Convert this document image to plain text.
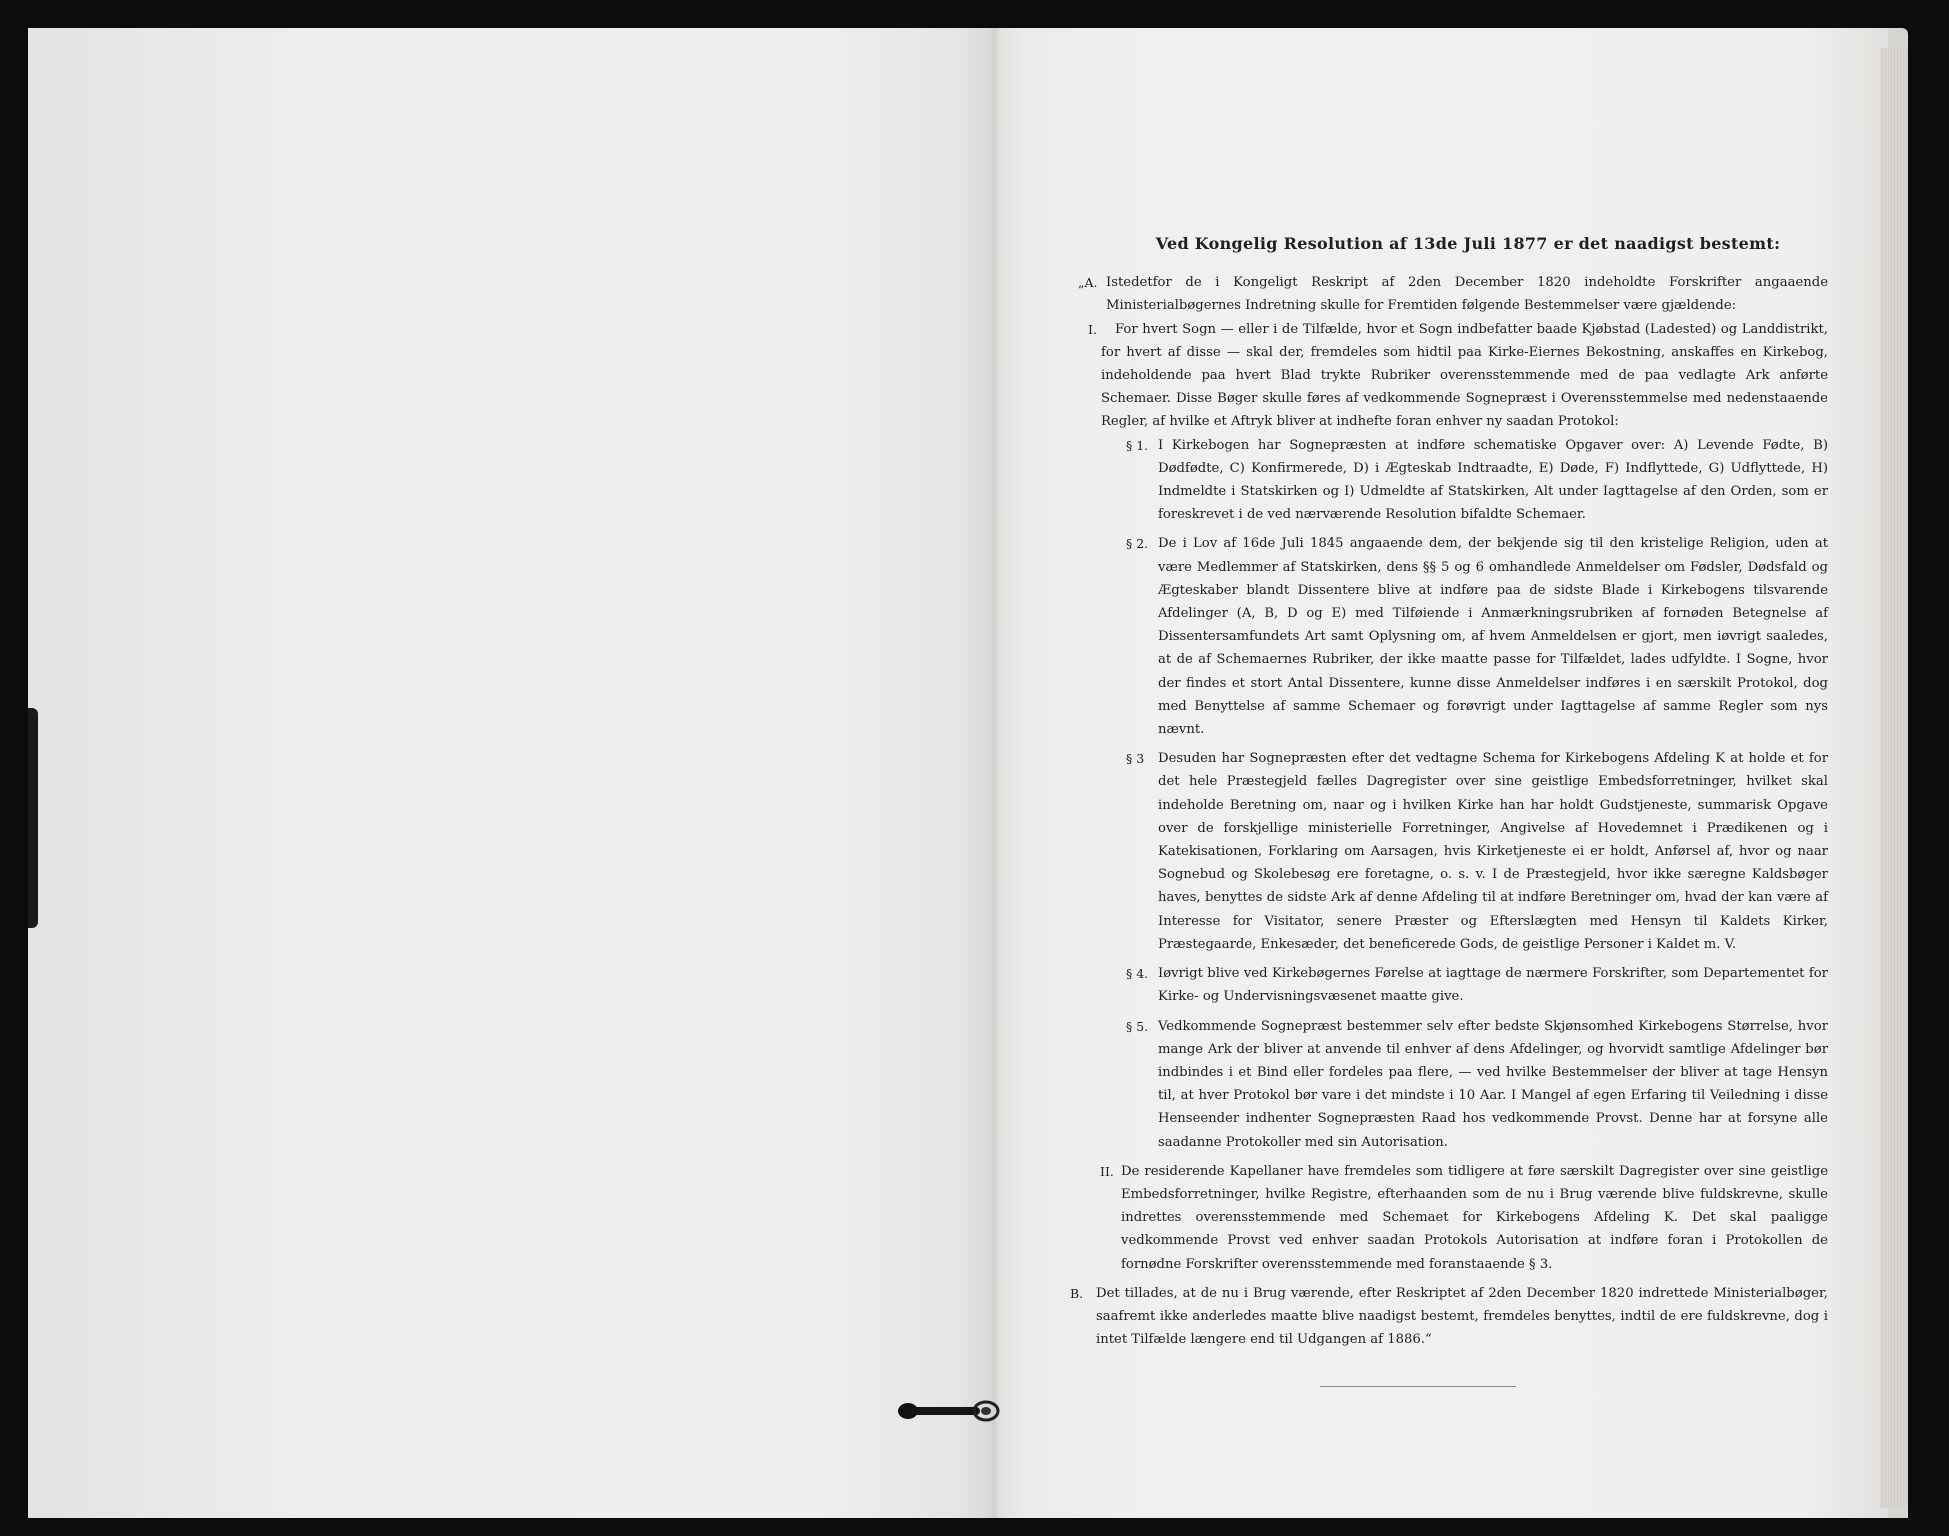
Ved Kongelig Resolution af 13de Juli 1877 er det naadigst bestemt:
„A. Istedetfor de i Kongeligt Reskript af 2den December 1820 indeholdte Forskrifter angaaende Ministerialbøgernes Indretning skulle for Fremtiden følgende Bestemmelser være gjældende:
I.	For hvert Sogn — eller i de Tilfælde, hvor et Sogn indbefatter baade Kjøbstad (Ladested) og Landdistrikt, for hvert af disse — skal der, fremdeles som hidtil paa Kirke-Eiernes Bekostning, anskaffes en Kirkebog, indeholdende paa hvert Blad trykte Rubriker overensstemmende med de paa vedlagte Ark anførte Schemaer. Disse Bøger skulle føres af vedkommende Sognepræst i Overensstemmelse med nedenstaaende Regler, af hvilke et Aftryk bliver at indhefte foran enhver ny saadan Protokol:
§ 1. I Kirkebogen har Sognepræsten at indføre schematiske Opgaver over: A) Levende Fødte, B) Dødfødte, C) Konfirmerede, D) i Ægteskab Indtraadte, E) Døde, F) Indflyttede, G) Udflyttede, H) Indmeldte i Statskirken og I) Udmeldte af Statskirken, Alt under Iagttagelse af den Orden, som er foreskrevet i de ved nærværende Resolution bifaldte Schemaer.
§ 2. De i Lov af 16de Juli 1845 angaaende dem, der bekjende sig til den kristelige Religion, uden at være Medlemmer af Statskirken, dens §§ 5 og 6 omhandlede Anmeldelser om Fødsler, Dødsfald og Ægteskaber blandt Dissentere blive at indføre paa de sidste Blade i Kirkebogens tilsvarende Afdelinger (A, B, D og E) med Tilføiende i Anmærkningsrubriken af fornøden Betegnelse af Dissentersamfundets Art samt Oplysning om, af hvem Anmeldelsen er gjort, men iøvrigt saaledes, at de af Schemaernes Rubriker, der ikke maatte passe for Tilfældet, lades udfyldte. I Sogne, hvor der findes et stort Antal Dissentere, kunne disse Anmeldelser indføres i en særskilt Protokol, dog med Benyttelse af samme Schemaer og forøvrigt under Iagttagelse af samme Regler som nys nævnt.
§ 3 Desuden har Sognepræsten efter det vedtagne Schema for Kirkebogens Afdeling K at holde et for det hele Præstegjeld fælles Dagregister over sine geistlige Embedsforretninger, hvilket skal indeholde Beretning om, naar og i hvilken Kirke han har holdt Gudstjeneste, summarisk Opgave over de forskjellige ministerielle Forretninger, Angivelse af Hovedemnet i Prædikenen og i Katekisationen, Forklaring om Aarsagen, hvis Kirketjeneste ei er holdt, Anførsel af, hvor og naar Sognebud og Skolebesøg ere foretagne, o. s. v. I de Præstegjeld, hvor ikke særegne Kaldsbøger haves, benyttes de sidste Ark af denne Afdeling til at indføre Beretninger om, hvad der kan være af Interesse for Visitator, senere Præster og Efterslægten med Hensyn til Kaldets Kirker, Præstegaarde, Enkesæder, det beneficerede Gods, de geistlige Personer i Kaldet m. V.
§ 4. Iøvrigt blive ved Kirkebøgernes Førelse at iagttage de nærmere Forskrifter, som Departementet for Kirke- og Undervisningsvæsenet maatte give.
§ 5. Vedkommende Sognepræst bestemmer selv efter bedste Skjønsomhed Kirkebogens Størrelse, hvor mange Ark der bliver at anvende til enhver af dens Afdelinger, og hvorvidt samtlige Afdelinger bør indbindes i et Bind eller fordeles paa flere, — ved hvilke Bestemmelser der bliver at tage Hensyn til, at hver Protokol bør vare i det mindste i 10 Aar. I Mangel af egen Erfaring til Veiledning i disse Henseender indhenter Sognepræsten Raad hos vedkommende Provst. Denne har at forsyne alle saadanne Protokoller med sin Autorisation.
II. De residerende Kapellaner have fremdeles som tidligere at føre særskilt Dagregister over sine geistlige Embedsforretninger, hvilke Registre, efterhaanden som de nu i Brug værende blive fuldskrevne, skulle indrettes overensstemmende med Schemaet for Kirkebogens Afdeling K. Det skal paaligge vedkommende Provst ved enhver saadan Protokols Autorisation at indføre foran i Protokollen de fornødne Forskrifter overensstemmende med foranstaaende § 3.
B. Det tillades, at de nu i Brug værende, efter Reskriptet af 2den December 1820 indrettede Ministerialbøger, saafremt ikke anderledes maatte blive naadigst bestemt, fremdeles benyttes, indtil de ere fuldskrevne, dog i intet Tilfælde længere end til Udgangen af 1886.“
